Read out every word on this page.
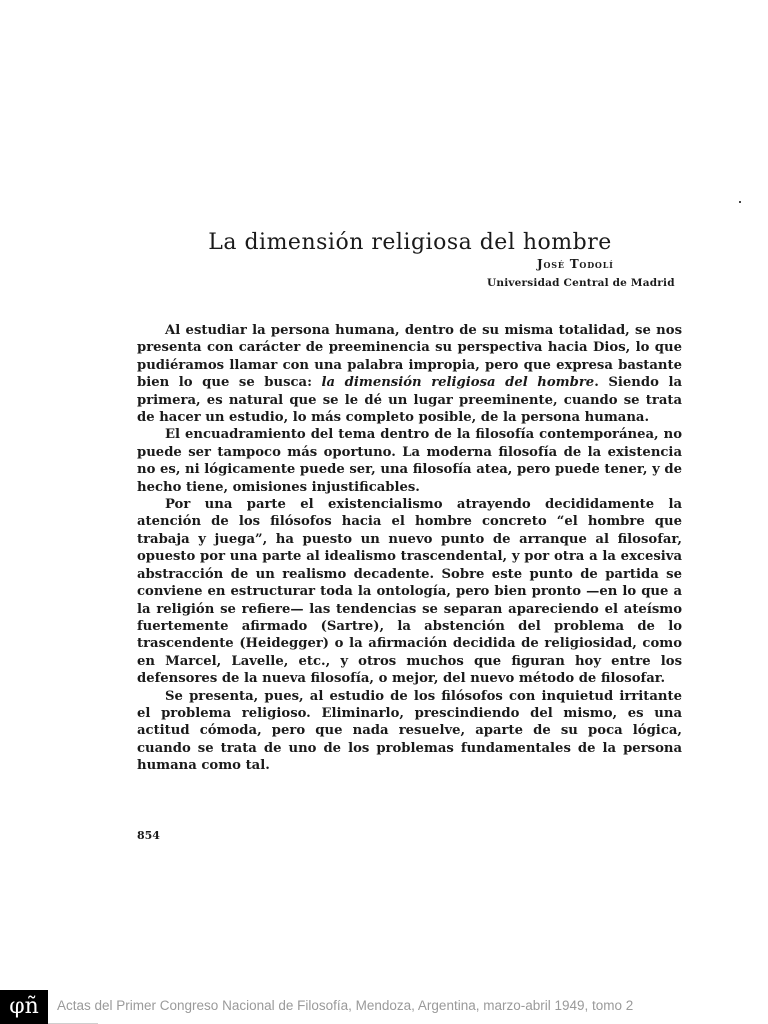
La dimensión religiosa del hombre
José Todolí
Universidad Central de Madrid

Al estudiar la persona humana, dentro de su misma totalidad, se nos presenta con carácter de preeminencia su perspectiva hacia Dios, lo que pudiéramos llamar con una palabra impropia, pero que expresa bastante bien lo que se busca: la dimensión religiosa del hombre. Siendo la primera, es natural que se le dé un lugar preeminente, cuando se trata de hacer un estudio, lo más completo posible, de la persona humana.

El encuadramiento del tema dentro de la filosofía contemporánea, no puede ser tampoco más oportuno. La moderna filosofía de la existencia no es, ni lógicamente puede ser, una filosofía atea, pero puede tener, y de hecho tiene, omisiones injustificables.

Por una parte el existencialismo atrayendo decididamente la atención de los filósofos hacia el hombre concreto “el hombre que trabaja y juega”, ha puesto un nuevo punto de arranque al filosofar, opuesto por una parte al idealismo trascendental, y por otra a la excesiva abstracción de un realismo decadente. Sobre este punto de partida se conviene en estructurar toda la ontología, pero bien pronto —en lo que a la religión se refiere— las tendencias se separan apareciendo el ateísmo fuertemente afirmado (Sartre), la abstención del problema de lo trascendente (Heidegger) o la afirmación decidida de religiosidad, como en Marcel, Lavelle, etc., y otros muchos que figuran hoy entre los defensores de la nueva filosofía, o mejor, del nuevo método de filosofar.

Se presenta, pues, al estudio de los filósofos con inquietud irritante el problema religioso. Eliminarlo, prescindiendo del mismo, es una actitud cómoda, pero que nada resuelve, aparte de su poca lógica, cuando se trata de uno de los problemas fundamentales de la persona humana como tal.

854
φñ	Actas del Primer Congreso Nacional de Filosofía, Mendoza, Argentina, marzo-abril 1949, tomo 2
